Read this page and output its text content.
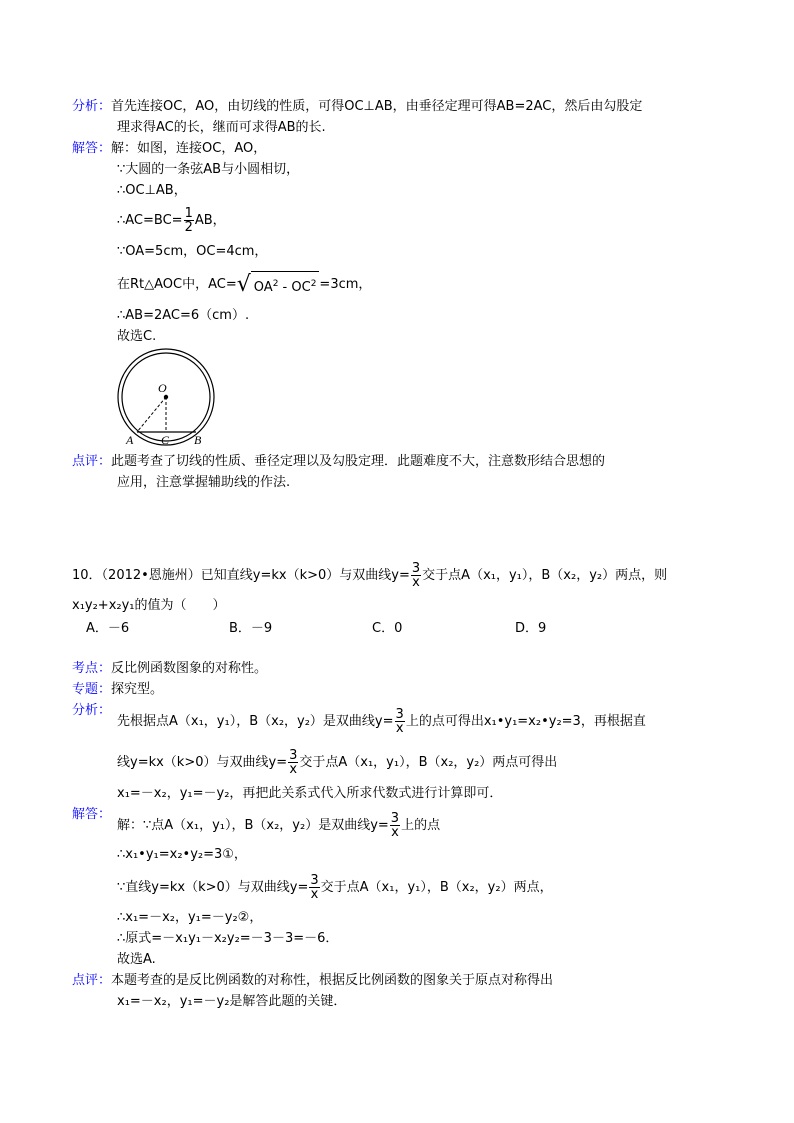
分析：首先连接OC，AO，由切线的性质，可得OC⊥AB，由垂径定理可得AB=2AC，然后由勾股定
理求得AC的长，继而可求得AB的长.
解答：解：如图，连接OC，AO，
∵大圆的一条弦AB与小圆相切，
∴OC⊥AB，
∴AC=BC= $\frac{1}{2}$ AB，
∵OA=5cm，OC=4cm，
在Rt△AOC中，AC=√ $OA^2 - OC^2 =3cm$，
∴AB=2AC=6（cm）.
故选C.
O
A C B
点评：此题考查了切线的性质、垂径定理以及勾股定理．此题难度不大，注意数形结合思想的
应用，注意掌握辅助线的作法.
10．（2012•恩施州）已知直线y=kx（k>0）与双曲线$y= \frac{3}{x}$ 交于点A（x₁，y₁），B（x₂，y₂）两点，则
x₁y₂+x₂y₁的值为（　　）
A．－6	B．－9	C．0	D．9
考点：反比例函数图象的对称性。
专题：探究型。
分析：
先根据点A（x₁，y₁），B（x₂，y₂）是双曲线$y= \frac{3}{x}$ 上的点可得出x₁•y₁=x₂•y₂=3，再根据直
线y=kx（k>0）与双曲线$y= \frac{3}{x}$ 交于点A（x₁，y₁），B（x₂，y₂）两点可得出
x₁=－x₂，y₁=－y₂，再把此关系式代入所求代数式进行计算即可．
解答：
解：∵点A（x₁，y₁），B（x₂，y₂）是双曲线$y= \frac{3}{x}$ 上的点
∴x₁•y₁=x₂•y₂=3①，
∵直线y=kx（k>0）与双曲线$y= \frac{3}{x}$ 交于点A（x₁，y₁），B（x₂，y₂）两点，
∴x₁=－x₂，y₁=－y₂②，
∴原式=－x₁y₁－x₂y₂=－3－3=－6．
故选A.
点评：本题考查的是反比例函数的对称性，根据反比例函数的图象关于原点对称得出
x₁=－x₂，y₁=－y₂是解答此题的关键．
